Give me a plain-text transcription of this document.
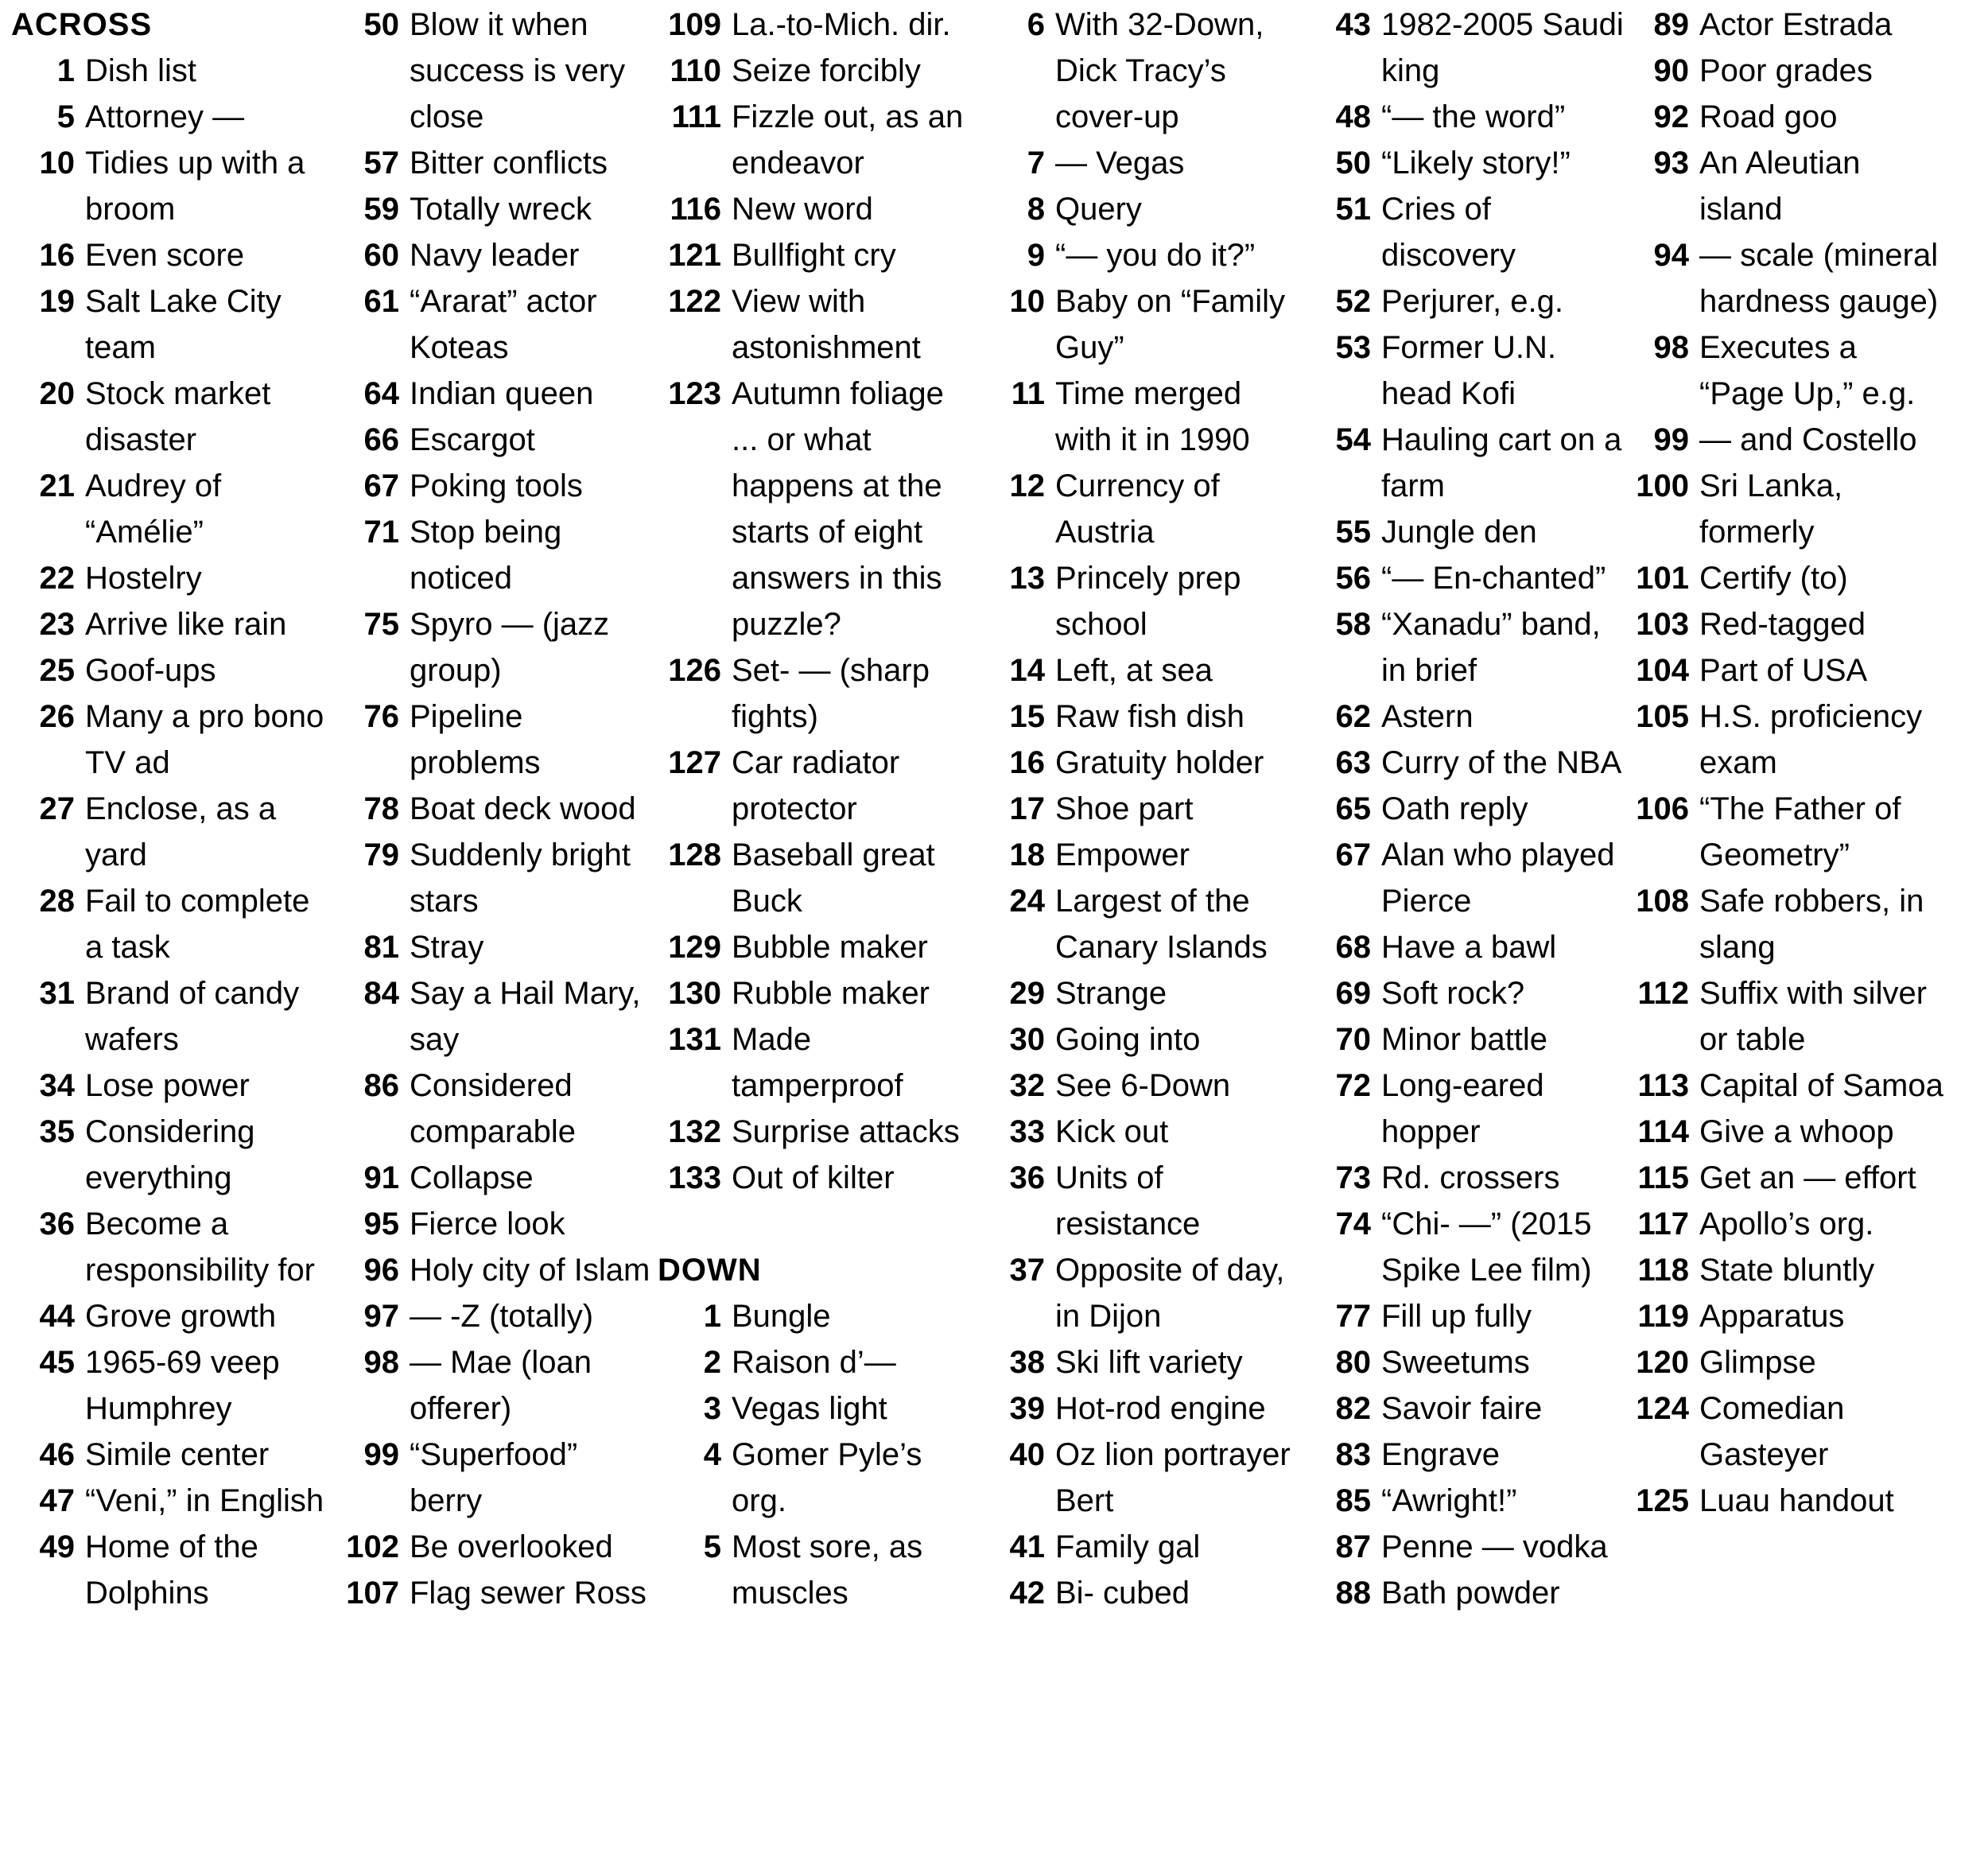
ACROSS
1 Dish list
5 Attorney —
10 Tidies up with a broom
16 Even score
19 Salt Lake City team
20 Stock market disaster
21 Audrey of “Amélie”
22 Hostelry
23 Arrive like rain
25 Goof-ups
26 Many a pro bono TV ad
27 Enclose, as a yard
28 Fail to complete a task
31 Brand of candy wafers
34 Lose power
35 Considering everything
36 Become a responsibility for
44 Grove growth
45 1965-69 veep Humphrey
46 Simile center
47 “Veni,” in English
49 Home of the Dolphins
50 Blow it when success is very close
57 Bitter conflicts
59 Totally wreck
60 Navy leader
61 “Ararat” actor Koteas
64 Indian queen
66 Escargot
67 Poking tools
71 Stop being noticed
75 Spyro — (jazz group)
76 Pipeline problems
78 Boat deck wood
79 Suddenly bright stars
81 Stray
84 Say a Hail Mary, say
86 Considered comparable
91 Collapse
95 Fierce look
96 Holy city of Islam
97 — -Z (totally)
98 — Mae (loan offerer)
99 “Superfood” berry
102 Be overlooked
107 Flag sewer Ross
109 La.-to-Mich. dir.
110 Seize forcibly
111 Fizzle out, as an endeavor
116 New word
121 Bullfight cry
122 View with astonishment
123 Autumn foliage ... or what happens at the starts of eight answers in this puzzle?
126 Set- — (sharp fights)
127 Car radiator protector
128 Baseball great Buck
129 Bubble maker
130 Rubble maker
131 Made tamperproof
132 Surprise attacks
133 Out of kilter
DOWN
1 Bungle
2 Raison d’—
3 Vegas light
4 Gomer Pyle’s org.
5 Most sore, as muscles
6 With 32-Down, Dick Tracy’s cover-up
7 — Vegas
8 Query
9 “— you do it?”
10 Baby on “Family Guy”
11 Time merged with it in 1990
12 Currency of Austria
13 Princely prep school
14 Left, at sea
15 Raw fish dish
16 Gratuity holder
17 Shoe part
18 Empower
24 Largest of the Canary Islands
29 Strange
30 Going into
32 See 6-Down
33 Kick out
36 Units of resistance
37 Opposite of day, in Dijon
38 Ski lift variety
39 Hot-rod engine
40 Oz lion portrayer Bert
41 Family gal
42 Bi- cubed
43 1982-2005 Saudi king
48 “— the word”
50 “Likely story!”
51 Cries of discovery
52 Perjurer, e.g.
53 Former U.N. head Kofi
54 Hauling cart on a farm
55 Jungle den
56 “— En-chanted”
58 “Xanadu” band, in brief
62 Astern
63 Curry of the NBA
65 Oath reply
67 Alan who played Pierce
68 Have a bawl
69 Soft rock?
70 Minor battle
72 Long-eared hopper
73 Rd. crossers
74 “Chi- —” (2015 Spike Lee film)
77 Fill up fully
80 Sweetums
82 Savoir faire
83 Engrave
85 “Awright!”
87 Penne — vodka
88 Bath powder
89 Actor Estrada
90 Poor grades
92 Road goo
93 An Aleutian island
94 — scale (mineral hardness gauge)
98 Executes a “Page Up,” e.g.
99 — and Costello
100 Sri Lanka, formerly
101 Certify (to)
103 Red-tagged
104 Part of USA
105 H.S. proficiency exam
106 “The Father of Geometry”
108 Safe robbers, in slang
112 Suffix with silver or table
113 Capital of Samoa
114 Give a whoop
115 Get an — effort
117 Apollo’s org.
118 State bluntly
119 Apparatus
120 Glimpse
124 Comedian Gasteyer
125 Luau handout
